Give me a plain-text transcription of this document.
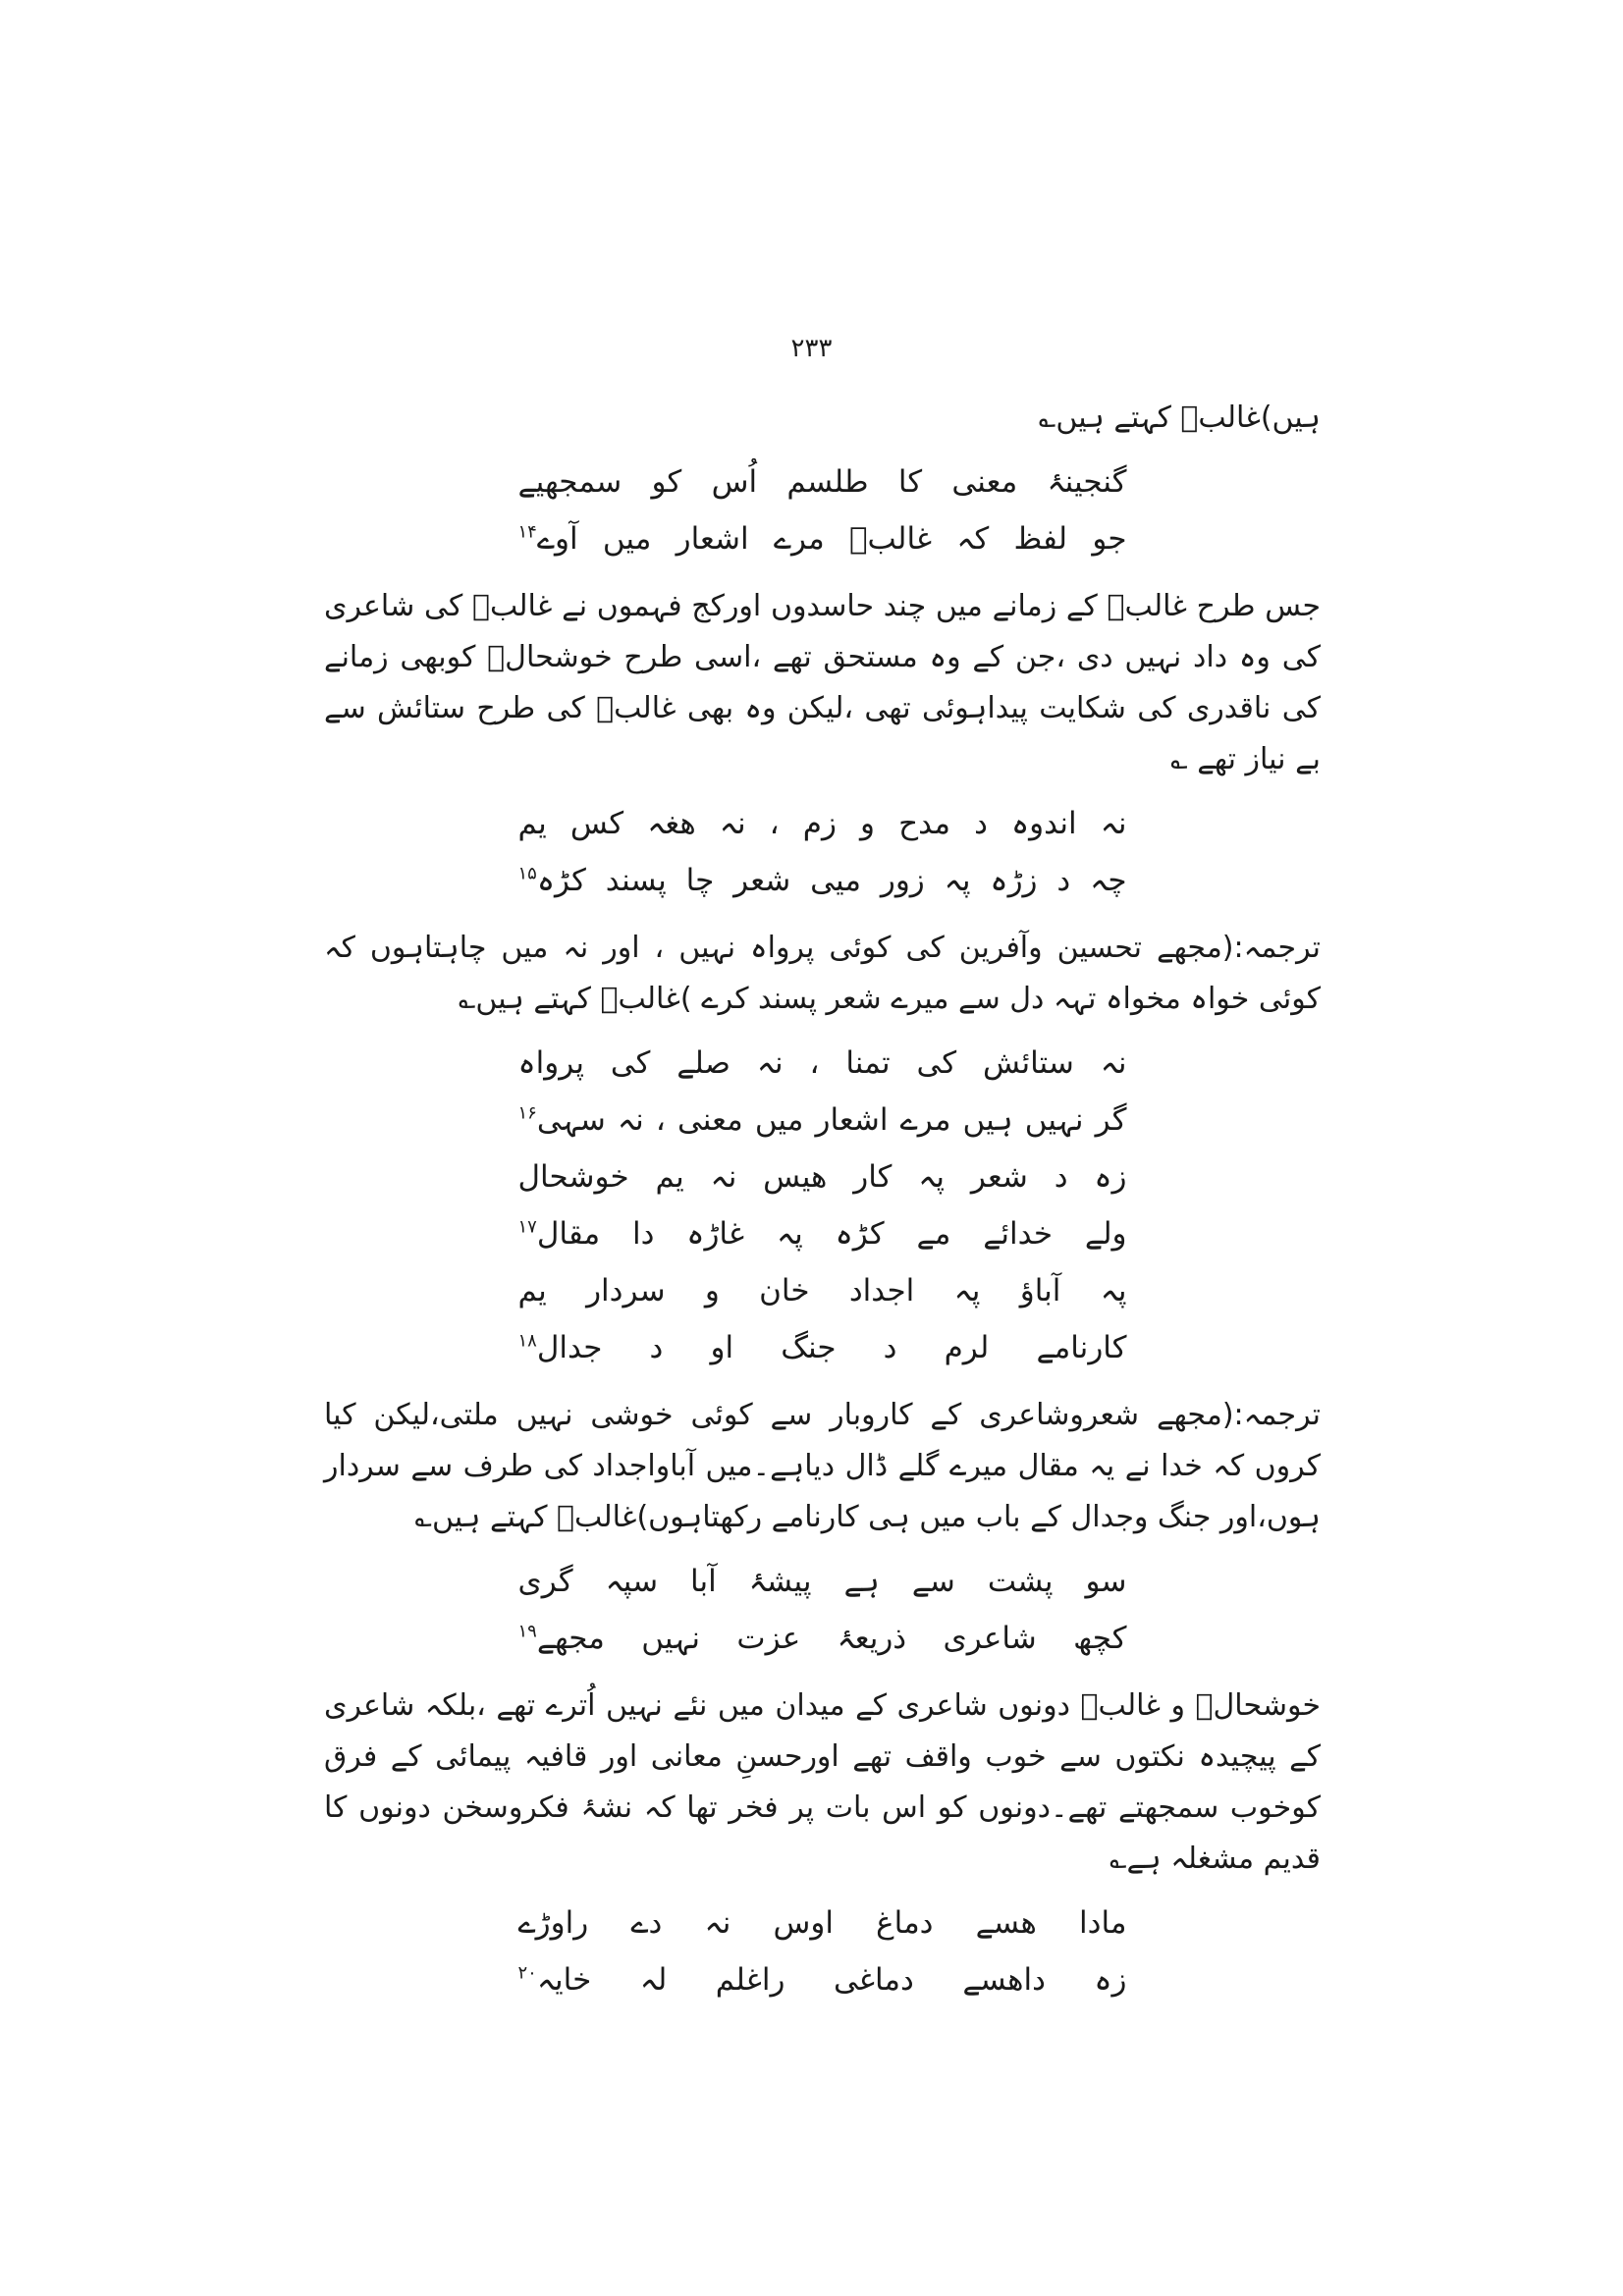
۲۳۳

ہیں)غالبؔ کہتے ہیں؎

گنجینۂ معنی کا طلسم اُس کو سمجھیے
جو لفظ کہ غالبؔ مرے اشعار میں آوے$^{۱۴}$

جس طرح غالبؔ کے زمانے میں چند حاسدوں اورکج فہموں نے غالبؔ کی شاعری کی وہ داد نہیں دی ،جن کے وہ مستحق تھے ،اسی طرح خوشحالؔ کوبھی زمانے کی ناقدری کی شکایت پیداہوئی تھی ،لیکن وہ بھی غالبؔ کی طرح ستائش سے بے نیاز تھے ؎

نہ اندوہ د مدح و زم ، نہ ھغہ کس یم
چہ د زڑہ پہ زور میی شعر چا پسند کڑہ$^{۱۵}$

ترجمہ:(مجھے تحسین وآفرین کی کوئی پرواہ نہیں ، اور نہ میں چاہتاہوں کہ کوئی خواہ مخواہ تہہ دل سے میرے شعر پسند کرے )غالبؔ کہتے ہیں؎

نہ ستائش کی تمنا ، نہ صلے کی پرواہ
گر نہیں ہیں مرے اشعار میں معنی ، نہ سہی$^{۱۶}$
زہ د شعر پہ کار ھیس نہ یم خوشحال
ولے خدائے مے کڑہ پہ غاڑہ دا مقال$^{۱۷}$
پہ آباؤ پہ اجداد خان و سردار یم
کارنامے لرم د جنگ او د جدال$^{۱۸}$

ترجمہ:(مجھے شعروشاعری کے کاروبار سے کوئی خوشی نہیں ملتی،لیکن کیا کروں کہ خدا نے یہ مقال میرے گلے ڈال دیاہے۔میں آباواجداد کی طرف سے سردار ہوں،اور جنگ وجدال کے باب میں ہی کارنامے رکھتاہوں)غالبؔ کہتے ہیں؎

سو پشت سے ہے پیشۂ آبا سپہ گری
کچھ شاعری ذریعۂ عزت نہیں مجھے$^{۱۹}$

خوشحالؔ و غالبؔ دونوں شاعری کے میدان میں نئے نہیں اُترے تھے ،بلکہ شاعری کے پیچیدہ نکتوں سے خوب واقف تھے اورحسنِ معانی اور قافیہ پیمائی کے فرق کوخوب سمجھتے تھے۔دونوں کو اس بات پر فخر تھا کہ نشۂ فکروسخن دونوں کا قدیم مشغلہ ہے؎

مادا ھسے دماغ اوس نہ دے راوڑے
زہ داھسے دماغی راغلم لہ خایہ$^{۲۰}$
